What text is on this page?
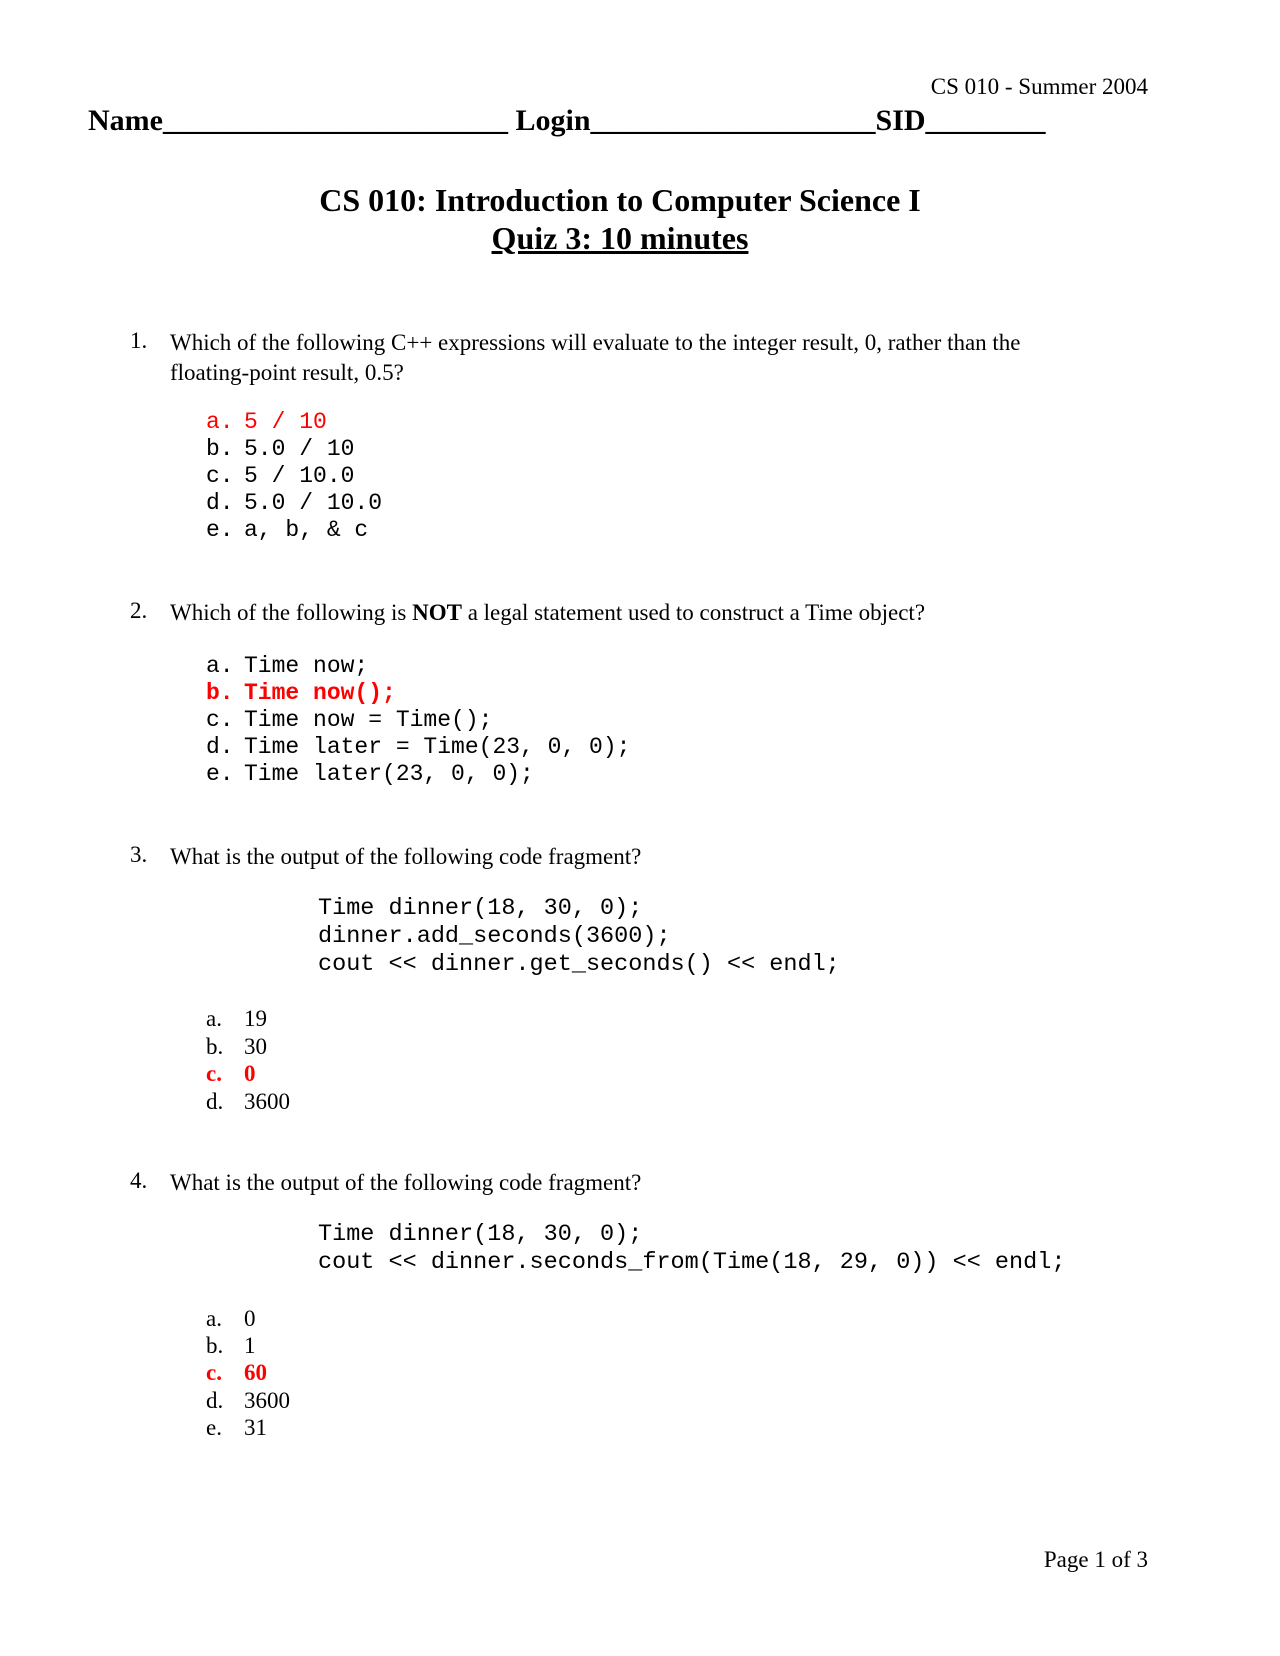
CS 010 - Summer 2004
Name_______________________ Login___________________SID________
CS 010: Introduction to Computer Science I
Quiz 3: 10 minutes
1. Which of the following C++ expressions will evaluate to the integer result, 0, rather than the
floating-point result, 0.5?
a. 5 / 10
b. 5.0 / 10
c. 5 / 10.0
d. 5.0 / 10.0
e. a, b, & c
2. Which of the following is NOT a legal statement used to construct a Time object?
a. Time now;
b. Time now();
c. Time now = Time();
d. Time later = Time(23, 0, 0);
e. Time later(23, 0, 0);
3. What is the output of the following code fragment?
Time dinner(18, 30, 0);
dinner.add_seconds(3600);
cout << dinner.get_seconds() << endl;
a. 19
b. 30
c. 0
d. 3600
4. What is the output of the following code fragment?
Time dinner(18, 30, 0);
cout << dinner.seconds_from(Time(18, 29, 0)) << endl;
a. 0
b. 1
c. 60
d. 3600
e. 31
Page 1 of 3
